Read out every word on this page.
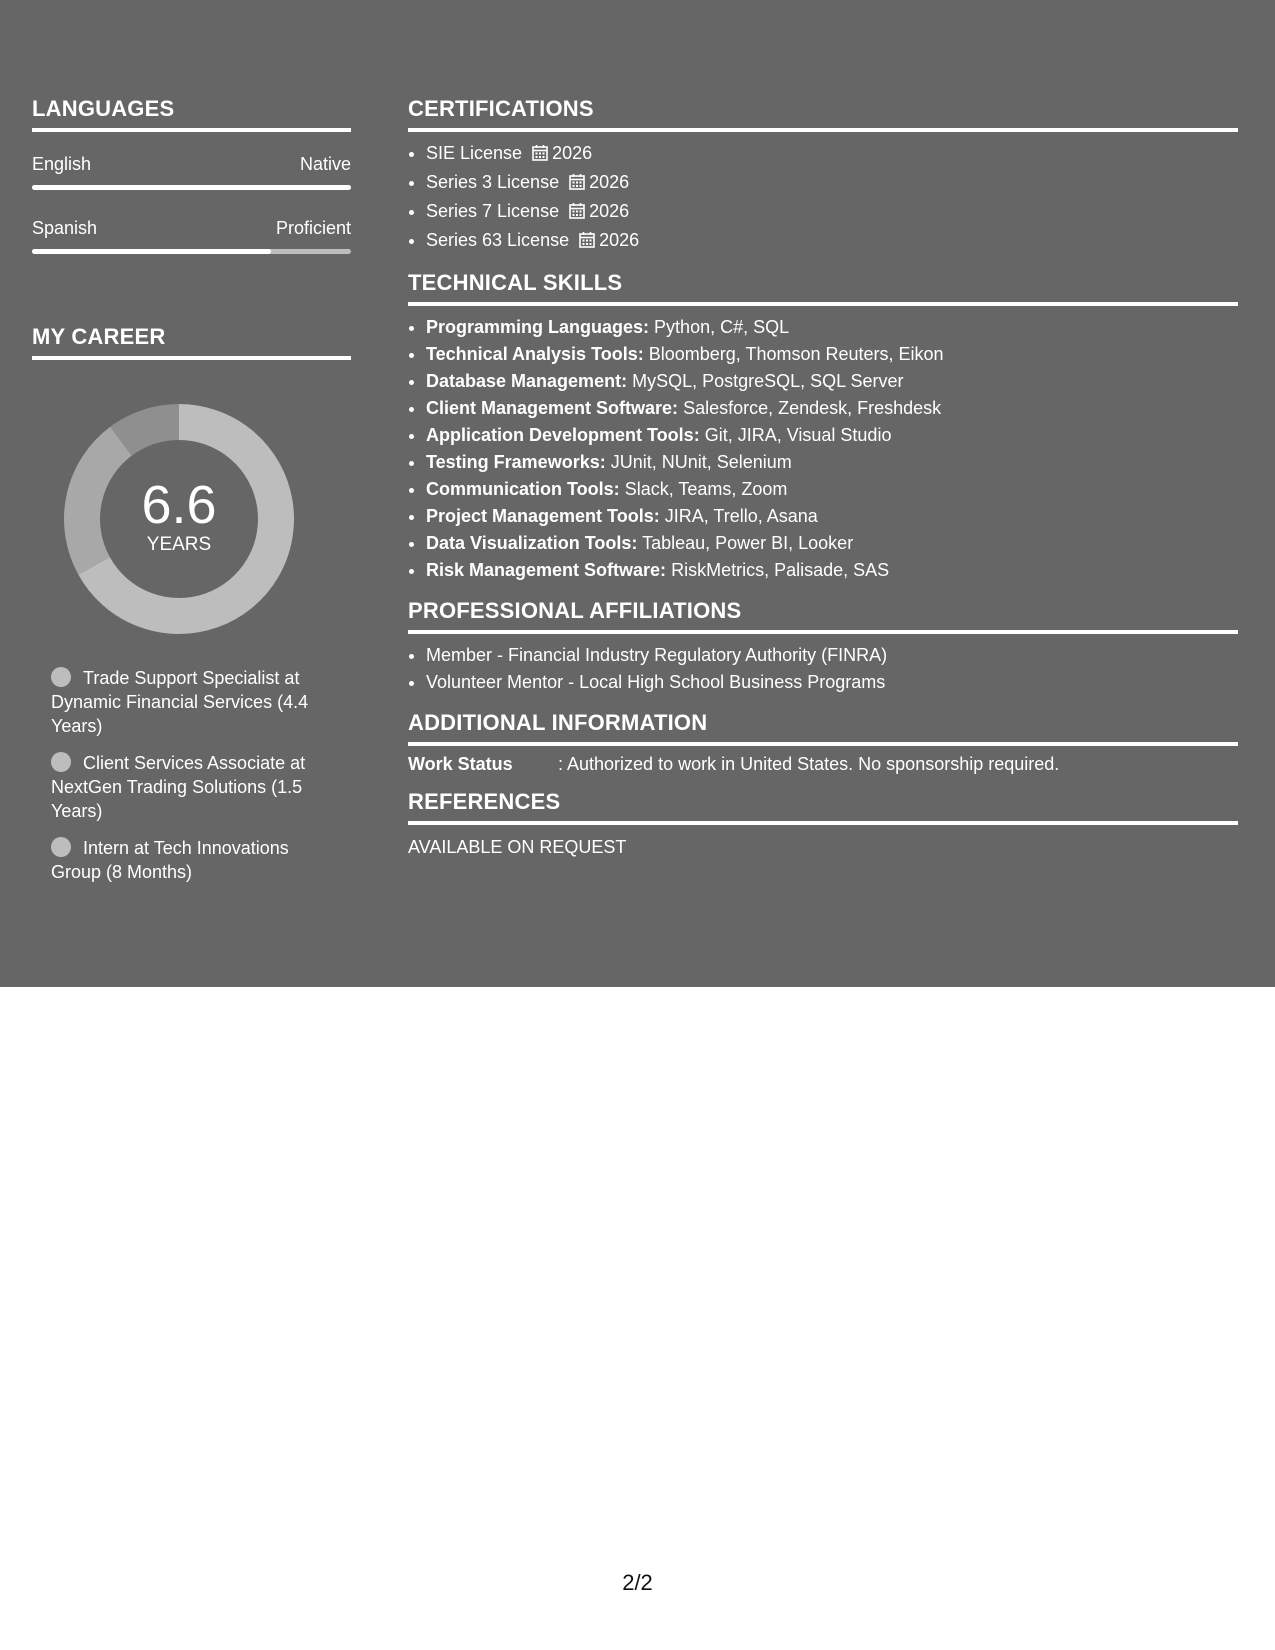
LANGUAGES
English	Native
Spanish	Proficient
MY CAREER
6.6
YEARS
Trade Support Specialist at Dynamic Financial Services (4.4 Years)
Client Services Associate at NextGen Trading Solutions (1.5 Years)
Intern at Tech Innovations Group (8 Months)
CERTIFICATIONS
• SIE License 2026
• Series 3 License 2026
• Series 7 License 2026
• Series 63 License 2026
TECHNICAL SKILLS
• Programming Languages: Python, C#, SQL
• Technical Analysis Tools: Bloomberg, Thomson Reuters, Eikon
• Database Management: MySQL, PostgreSQL, SQL Server
• Client Management Software: Salesforce, Zendesk, Freshdesk
• Application Development Tools: Git, JIRA, Visual Studio
• Testing Frameworks: JUnit, NUnit, Selenium
• Communication Tools: Slack, Teams, Zoom
• Project Management Tools: JIRA, Trello, Asana
• Data Visualization Tools: Tableau, Power BI, Looker
• Risk Management Software: RiskMetrics, Palisade, SAS
PROFESSIONAL AFFILIATIONS
• Member - Financial Industry Regulatory Authority (FINRA)
• Volunteer Mentor - Local High School Business Programs
ADDITIONAL INFORMATION
Work Status	: Authorized to work in United States. No sponsorship required.
REFERENCES
AVAILABLE ON REQUEST
2/2
